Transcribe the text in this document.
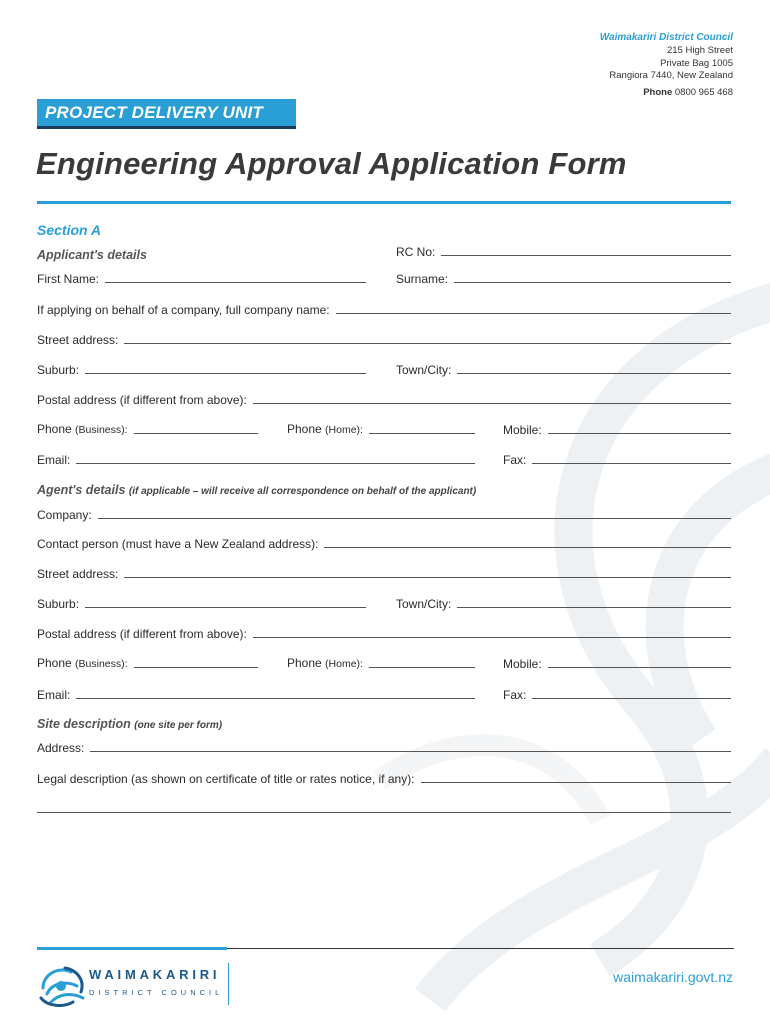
Waimakariri District Council
215 High Street
Private Bag 1005
Rangiora 7440, New Zealand
Phone 0800 965 468
PROJECT DELIVERY UNIT
Engineering Approval Application Form
Section A
Applicant's details	RC No:
First Name:	Surname:
If applying on behalf of a company, full company name:
Street address:
Suburb:	Town/City:
Postal address (if different from above):
Phone (Business):	Phone (Home):	Mobile:
Email:	Fax:
Agent's details (if applicable – will receive all correspondence on behalf of the applicant)
Company:
Contact person (must have a New Zealand address):
Street address:
Suburb:	Town/City:
Postal address (if different from above):
Phone (Business):	Phone (Home):	Mobile:
Email:	Fax:
Site description (one site per form)
Address:
Legal description (as shown on certificate of title or rates notice, if any):
WAIMAKARIRI
DISTRICT COUNCIL
waimakariri.govt.nz
